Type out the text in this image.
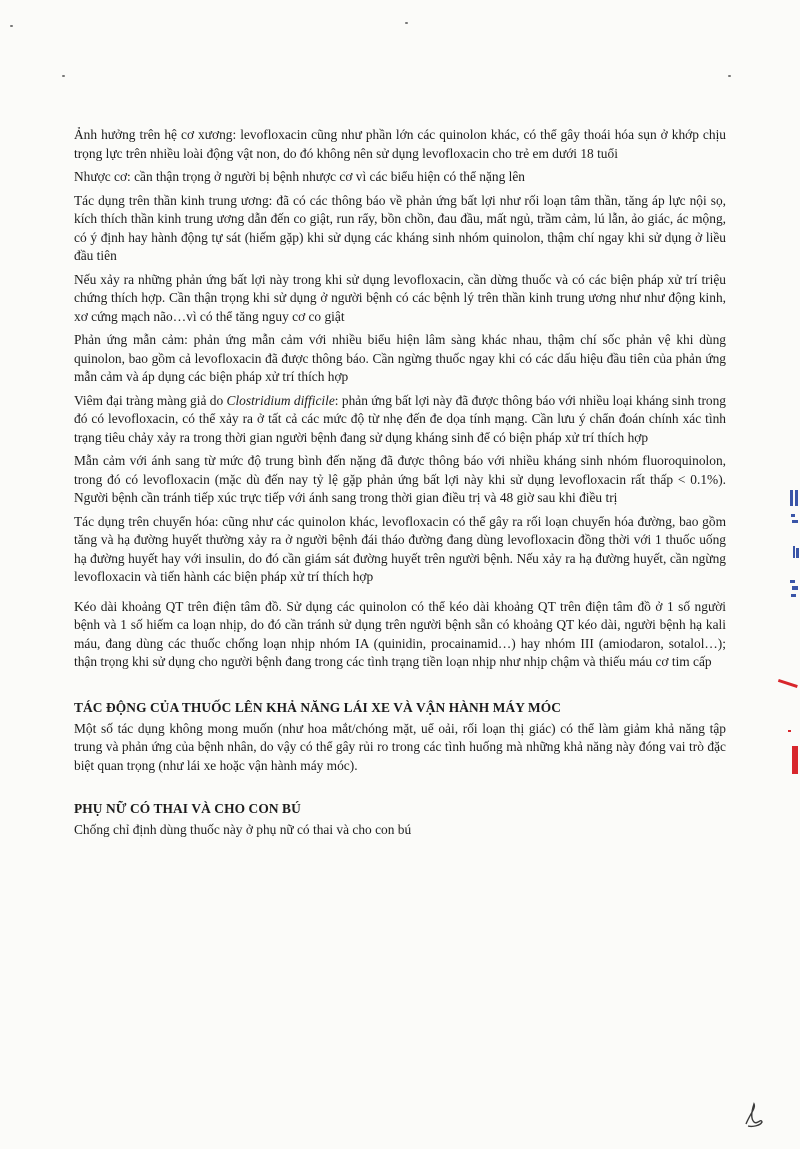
Ảnh hưởng trên hệ cơ xương: levofloxacin cũng như phần lớn các quinolon khác, có thể gây thoái hóa sụn ở khớp chịu trọng lực trên nhiều loài động vật non, do đó không nên sử dụng levofloxacin cho trẻ em dưới 18 tuổi

Nhược cơ: cần thận trọng ở người bị bệnh nhược cơ vì các biểu hiện có thể nặng lên

Tác dụng trên thần kinh trung ương: đã có các thông báo về phản ứng bất lợi như rối loạn tâm thần, tăng áp lực nội sọ, kích thích thần kinh trung ương dẫn đến co giật, run rẩy, bồn chồn, đau đầu, mất ngủ, trầm cảm, lú lẫn, ảo giác, ác mộng, có ý định hay hành động tự sát (hiếm gặp) khi sử dụng các kháng sinh nhóm quinolon, thậm chí ngay khi sử dụng ở liều đầu tiên

Nếu xảy ra những phản ứng bất lợi này trong khi sử dụng levofloxacin, cần dừng thuốc và có các biện pháp xử trí triệu chứng thích hợp. Cần thận trọng khi sử dụng ở người bệnh có các bệnh lý trên thần kinh trung ương như như động kinh, xơ cứng mạch não…vì có thể tăng nguy cơ co giật

Phản ứng mẫn cảm: phản ứng mẫn cảm với nhiều biểu hiện lâm sàng khác nhau, thậm chí sốc phản vệ khi dùng quinolon, bao gồm cả levofloxacin đã được thông báo. Cần ngừng thuốc ngay khi có các dấu hiệu đầu tiên của phản ứng mẫn cảm và áp dụng các biện pháp xử trí thích hợp

Viêm đại tràng màng giả do Clostridium difficile: phản ứng bất lợi này đã được thông báo với nhiều loại kháng sinh trong đó có levofloxacin, có thể xảy ra ở tất cả các mức độ từ nhẹ đến đe dọa tính mạng. Cần lưu ý chẩn đoán chính xác tình trạng tiêu chảy xảy ra trong thời gian người bệnh đang sử dụng kháng sinh để có biện pháp xử trí thích hợp

Mẫn cảm với ánh sang từ mức độ trung bình đến nặng đã được thông báo với nhiều kháng sinh nhóm fluoroquinolon, trong đó có levofloxacin (mặc dù đến nay tỷ lệ gặp phản ứng bất lợi này khi sử dụng levofloxacin rất thấp < 0.1%). Người bệnh cần tránh tiếp xúc trực tiếp với ánh sang trong thời gian điều trị và 48 giờ sau khi điều trị

Tác dụng trên chuyển hóa: cũng như các quinolon khác, levofloxacin có thể gây ra rối loạn chuyển hóa đường, bao gồm tăng và hạ đường huyết thường xảy ra ở người bệnh đái tháo đường đang dùng levofloxacin đồng thời với 1 thuốc uống hạ đường huyết hay với insulin, do đó cần giám sát đường huyết trên người bệnh. Nếu xảy ra hạ đường huyết, cần ngừng levofloxacin và tiến hành các biện pháp xử trí thích hợp

Kéo dài khoảng QT trên điện tâm đồ. Sử dụng các quinolon có thể kéo dài khoảng QT trên điện tâm đồ ở 1 số người bệnh và 1 số hiếm ca loạn nhịp, do đó cần tránh sử dụng trên người bệnh sẵn có khoảng QT kéo dài, người bệnh hạ kali máu, đang dùng các thuốc chống loạn nhịp nhóm IA (quinidin, procainamid…) hay nhóm III (amiodaron, sotalol…); thận trọng khi sử dụng cho người bệnh đang trong các tình trạng tiền loạn nhịp như nhịp chậm và thiếu máu cơ tim cấp

TÁC ĐỘNG CỦA THUỐC LÊN KHẢ NĂNG LÁI XE VÀ VẬN HÀNH MÁY MÓC

Một số tác dụng không mong muốn (như hoa mắt/chóng mặt, uể oải, rối loạn thị giác) có thể làm giảm khả năng tập trung và phản ứng của bệnh nhân, do vậy có thể gây rủi ro trong các tình huống mà những khả năng này đóng vai trò đặc biệt quan trọng (như lái xe hoặc vận hành máy móc).

PHỤ NỮ CÓ THAI VÀ CHO CON BÚ

Chống chỉ định dùng thuốc này ở phụ nữ có thai và cho con bú
